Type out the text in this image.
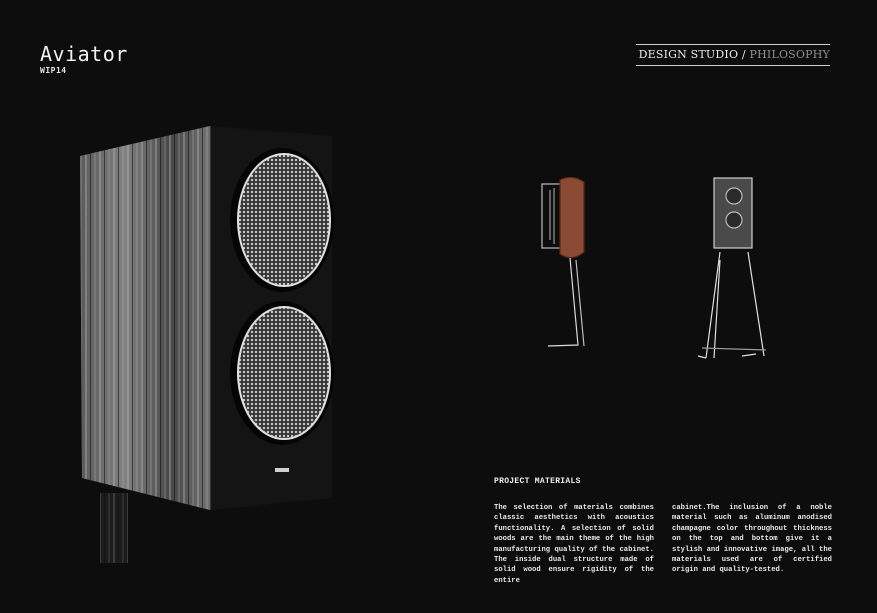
Aviator
WIP14
DESIGN STUDIO / PHILOSOPHY
PROJECT MATERIALS
The selection of materials combines classic aesthetics with acoustics functionality. A selection of solid woods are the main theme of the high manufacturing quality of the cabinet. The inside dual structure made of solid wood ensure rigidity of the entire
cabinet.The inclusion of a noble material such as aluminum anodised champagne color throughout thickness on the top and bottom give it a stylish and innovative image, all the materials used are of certified origin and quality-tested.
